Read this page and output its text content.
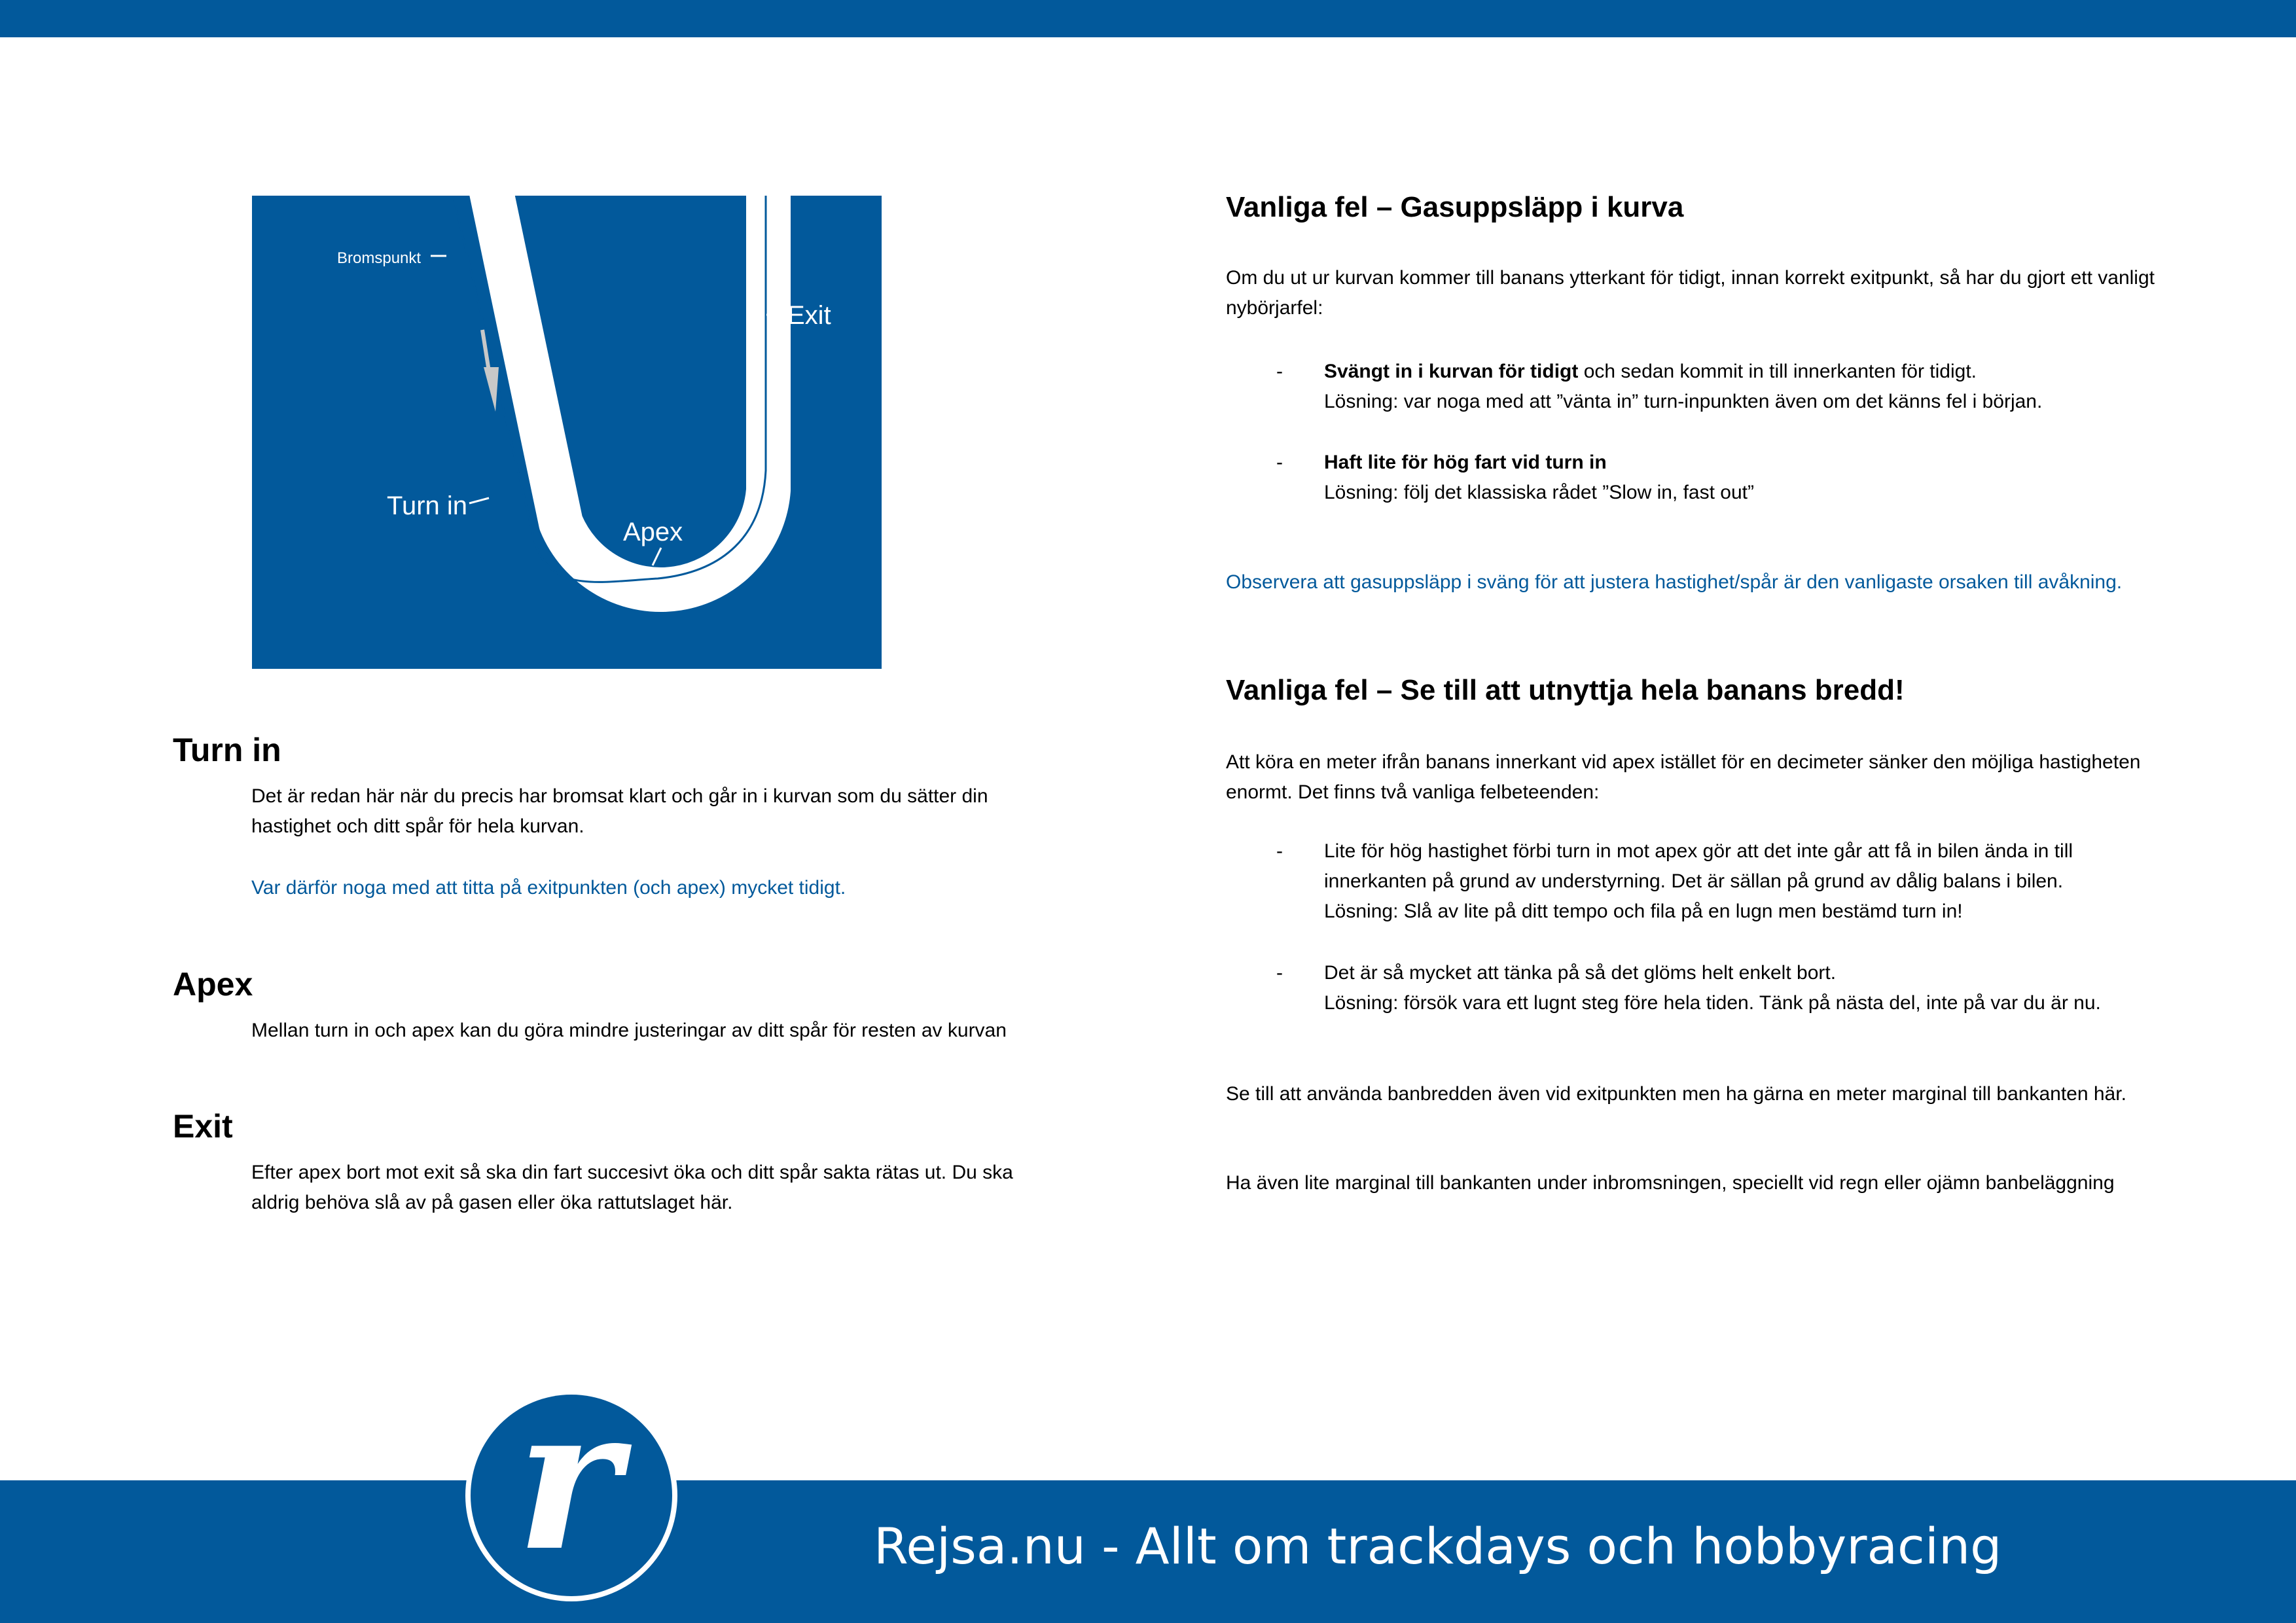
Bromspunkt
Exit
Turn in
Apex
Turn in

Det är redan här när du precis har bromsat klart och går in i kurvan som du sätter din hastighet och ditt spår för hela kurvan.

Var därför noga med att titta på exitpunkten (och apex) mycket tidigt.

Apex

Mellan turn in och apex kan du göra mindre justeringar av ditt spår för resten av kurvan

Exit

Efter apex bort mot exit så ska din fart succesivt öka och ditt spår sakta rätas ut. Du ska aldrig behöva slå av på gasen eller öka rattutslaget här.

Vanliga fel – Gasuppsläpp i kurva

Om du ut ur kurvan kommer till banans ytterkant för tidigt, innan korrekt exitpunkt, så har du gjort ett vanligt nybörjarfel:

- Svängt in i kurvan för tidigt och sedan kommit in till innerkanten för tidigt.
Lösning: var noga med att ”vänta in” turn-inpunkten även om det känns fel i början.

- Haft lite för hög fart vid turn in
Lösning: följ det klassiska rådet ”Slow in, fast out”

Observera att gasuppsläpp i sväng för att justera hastighet/spår är den vanligaste orsaken till avåkning.

Vanliga fel – Se till att utnyttja hela banans bredd!

Att köra en meter ifrån banans innerkant vid apex istället för en decimeter sänker den möjliga hastigheten enormt. Det finns två vanliga felbeteenden:

- Lite för hög hastighet förbi turn in mot apex gör att det inte går att få in bilen ända in till innerkanten på grund av understyrning. Det är sällan på grund av dålig balans i bilen.
Lösning: Slå av lite på ditt tempo och fila på en lugn men bestämd turn in!

- Det är så mycket att tänka på så det glöms helt enkelt bort.
Lösning: försök vara ett lugnt steg före hela tiden. Tänk på nästa del, inte på var du är nu.

Se till att använda banbredden även vid exitpunkten men ha gärna en meter marginal till bankanten här.

Ha även lite marginal till bankanten under inbromsningen, speciellt vid regn eller ojämn banbeläggning

r	Rejsa.nu - Allt om trackdays och hobbyracing
